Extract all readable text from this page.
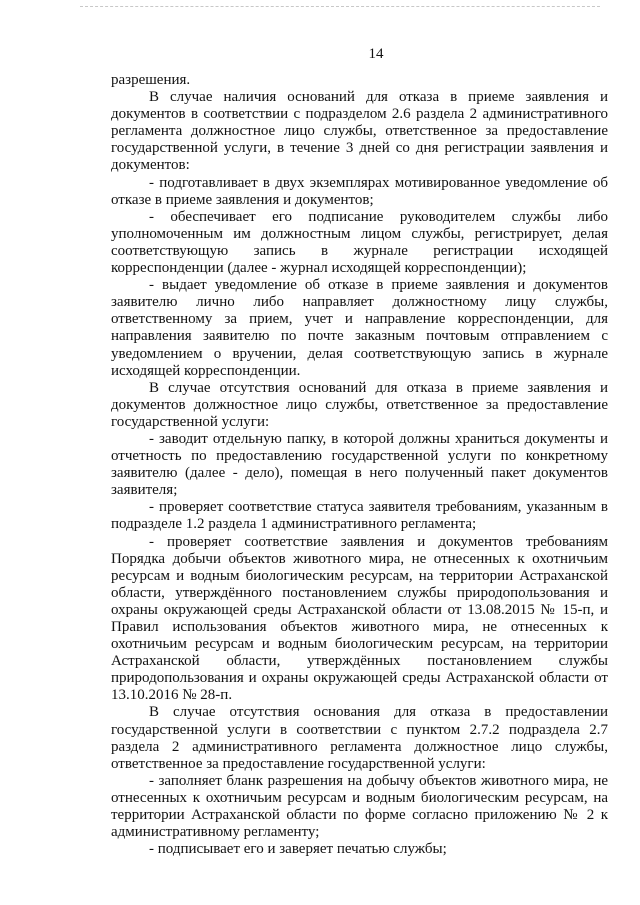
14

разрешения.

В случае наличия оснований для отказа в приеме заявления и документов в соответствии с подразделом 2.6 раздела 2 административного регламента должностное лицо службы, ответственное за предоставление государственной услуги, в течение 3 дней со дня регистрации заявления и документов:

- подготавливает в двух экземплярах мотивированное уведомление об отказе в приеме заявления и документов;

- обеспечивает его подписание руководителем службы либо уполномоченным им должностным лицом службы, регистрирует, делая соответствующую запись в журнале регистрации исходящей корреспонденции (далее - журнал исходящей корреспонденции);

- выдает уведомление об отказе в приеме заявления и документов заявителю лично либо направляет должностному лицу службы, ответственному за прием, учет и направление корреспонденции, для направления заявителю по почте заказным почтовым отправлением с уведомлением о вручении, делая соответствующую запись в журнале исходящей корреспонденции.

В случае отсутствия оснований для отказа в приеме заявления и документов должностное лицо службы, ответственное за предоставление государственной услуги:

- заводит отдельную папку, в которой должны храниться документы и отчетность по предоставлению государственной услуги по конкретному заявителю (далее - дело), помещая в него полученный пакет документов заявителя;

- проверяет соответствие статуса заявителя требованиям, указанным в подразделе 1.2 раздела 1 административного регламента;

- проверяет соответствие заявления и документов требованиям Порядка добычи объектов животного мира, не отнесенных к охотничьим ресурсам и водным биологическим ресурсам, на территории Астраханской области, утверждённого постановлением службы природопользования и охраны окружающей среды Астраханской области от 13.08.2015 № 15-п, и Правил использования объектов животного мира, не отнесенных к охотничьим ресурсам и водным биологическим ресурсам, на территории Астраханской области, утверждённых постановлением службы природопользования и охраны окружающей среды Астраханской области от 13.10.2016 № 28-п.

В случае отсутствия основания для отказа в предоставлении государственной услуги в соответствии с пунктом 2.7.2 подраздела 2.7 раздела 2 административного регламента должностное лицо службы, ответственное за предоставление государственной услуги:

- заполняет бланк разрешения на добычу объектов животного мира, не отнесенных к охотничьим ресурсам и водным биологическим ресурсам, на территории Астраханской области по форме согласно приложению № 2 к административному регламенту;

- подписывает его и заверяет печатью службы;
